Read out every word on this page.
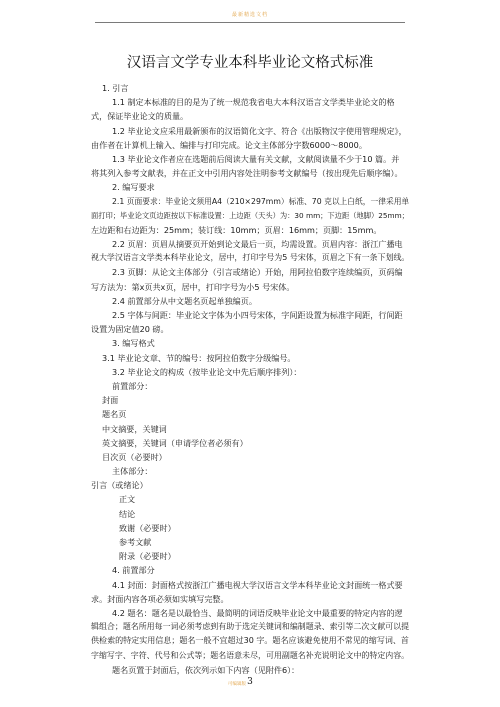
最新精选文档
汉语言文学专业本科毕业论文格式标准
1. 引言
1.1 制定本标准的目的是为了统一规范我省电大本科汉语言文学类毕业论文的格
式，保证毕业论文的质量。
1.2 毕业论文应采用最新颁布的汉语简化文字、符合《出版物汉字使用管理规定》，
由作者在计算机上输入、编排与打印完成。论文主体部分字数6000～8000。
1.3 毕业论文作者应在选题前后阅读大量有关文献，文献阅读量不少于10 篇。并
将其列入参考文献表，并在正文中引用内容处注明参考文献编号（按出现先后顺序编）。
2. 编写要求
2.1 页面要求：毕业论文须用A4（210×297mm）标准、70 克以上白纸，一律采用单
面打印；毕业论文页边距按以下标准设置：上边距（天头）为：30 mm；下边距（地脚）25mm；
左边距和右边距为：25mm；装订线：10mm；页眉：16mm；页脚：15mm。
2.2 页眉：页眉从摘要页开始到论文最后一页，均需设置。页眉内容：浙江广播电
视大学汉语言文学类本科毕业论文，居中，打印字号为5 号宋体，页眉之下有一条下划线。
2.3 页脚：从论文主体部分（引言或绪论）开始，用阿拉伯数字连续编页，页码编
写方法为：第x页共x页，居中，打印字号为小5 号宋体。
2.4 前置部分从中文题名页起单独编页。
2.5 字体与间距：毕业论文字体为小四号宋体，字间距设置为标准字间距，行间距
设置为固定值20 磅。
3. 编写格式
3.1 毕业论文章、节的编号：按阿拉伯数字分级编号。
3.2 毕业论文的构成（按毕业论文中先后顺序排列）：
前置部分：
封面
题名页
中文摘要，关键词
英文摘要，关键词（申请学位者必须有）
目次页（必要时）
主体部分：
引言（或绪论）
正文
结论
致谢（必要时）
参考文献
附录（必要时）
4. 前置部分
4.1 封面：封面格式按浙江广播电视大学汉语言文学本科毕业论文封面统一格式要
求。封面内容各项必须如实填写完整。
4.2 题名：题名是以最恰当、最简明的词语反映毕业论文中最重要的特定内容的逻
辑组合；题名所用每一词必须考虑到有助于选定关键词和编制题录、索引等二次文献可以提
供检索的特定实用信息；题名一般不宜超过30 字。题名应该避免使用不常见的缩写词、首
字缩写字、字符、代号和公式等；题名语意未尽，可用副题名补充说明论文中的特定内容。
题名页置于封面后，依次列示如下内容（见附件6）：
3
可编辑版
